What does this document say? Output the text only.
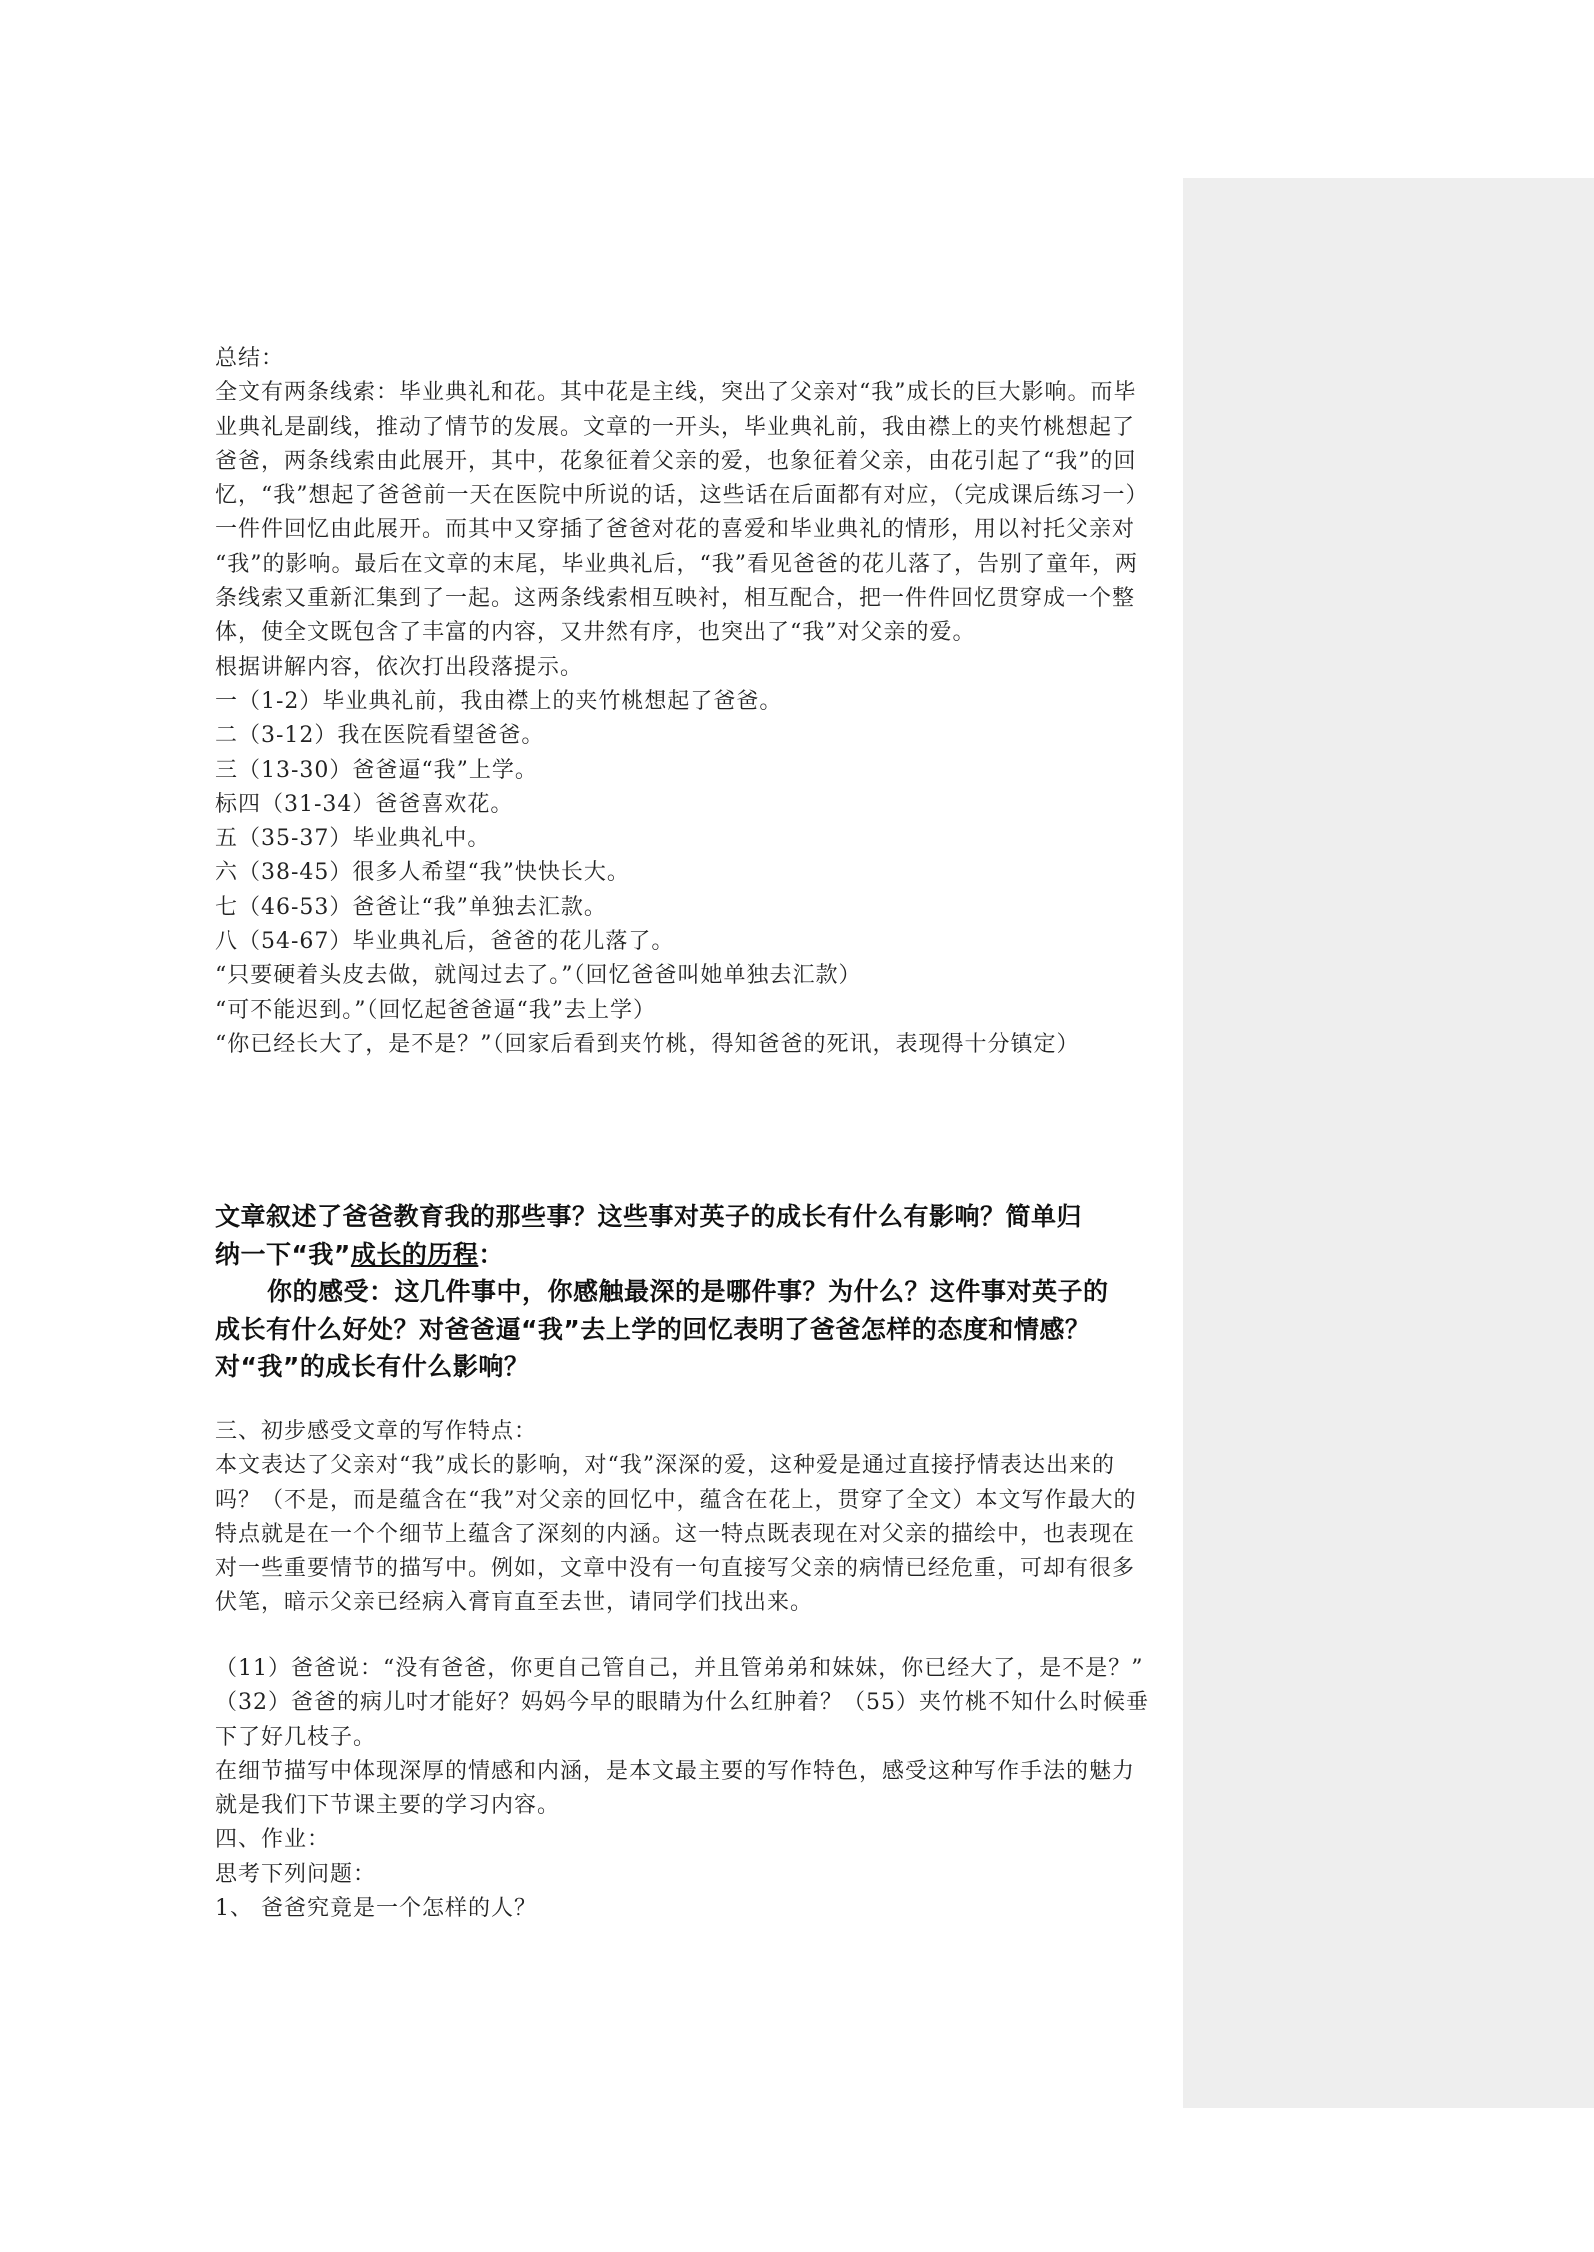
总结：

全文有两条线索：毕业典礼和花。其中花是主线，突出了父亲对“我”成长的巨大影响。而毕

业典礼是副线，推动了情节的发展。文章的一开头，毕业典礼前，我由襟上的夹竹桃想起了

爸爸，两条线索由此展开，其中，花象征着父亲的爱，也象征着父亲，由花引起了“我”的回

忆，“我”想起了爸爸前一天在医院中所说的话，这些话在后面都有对应，（完成课后练习一）

一件件回忆由此展开。而其中又穿插了爸爸对花的喜爱和毕业典礼的情形，用以衬托父亲对

“我”的影响。最后在文章的末尾，毕业典礼后，“我”看见爸爸的花儿落了，告别了童年，两

条线索又重新汇集到了一起。这两条线索相互映衬，相互配合，把一件件回忆贯穿成一个整

体，使全文既包含了丰富的内容，又井然有序，也突出了“我”对父亲的爱。

根据讲解内容，依次打出段落提示。

一（1-2）毕业典礼前，我由襟上的夹竹桃想起了爸爸。

二（3-12）我在医院看望爸爸。

三（13-30）爸爸逼“我”上学。

标四（31-34）爸爸喜欢花。

五（35-37）毕业典礼中。

六（38-45）很多人希望“我”快快长大。

七（46-53）爸爸让“我”单独去汇款。

八（54-67）毕业典礼后，爸爸的花儿落了。

“只要硬着头皮去做，就闯过去了。”（回忆爸爸叫她单独去汇款）

“可不能迟到。”（回忆起爸爸逼“我”去上学）

“你已经长大了，是不是？”（回家后看到夹竹桃，得知爸爸的死讯，表现得十分镇定）

文章叙述了爸爸教育我的那些事？这些事对英子的成长有什么有影响？简单归

纳一下“我”成长的历程：

你的感受：这几件事中，你感触最深的是哪件事？为什么？这件事对英子的

成长有什么好处？对爸爸逼“我”去上学的回忆表明了爸爸怎样的态度和情感？

对“我”的成长有什么影响？

三、初步感受文章的写作特点：

本文表达了父亲对“我”成长的影响，对“我”深深的爱，这种爱是通过直接抒情表达出来的

吗？（不是，而是蕴含在“我”对父亲的回忆中，蕴含在花上，贯穿了全文）本文写作最大的

特点就是在一个个细节上蕴含了深刻的内涵。这一特点既表现在对父亲的描绘中，也表现在

对一些重要情节的描写中。例如，文章中没有一句直接写父亲的病情已经危重，可却有很多

伏笔，暗示父亲已经病入膏肓直至去世，请同学们找出来。

（11）爸爸说：“没有爸爸，你更自己管自己，并且管弟弟和妹妹，你已经大了，是不是？”

（32）爸爸的病儿吋才能好？妈妈今早的眼睛为什么红肿着？（55）夹竹桃不知什么时候垂

下了好几枝子。

在细节描写中体现深厚的情感和内涵，是本文最主要的写作特色，感受这种写作手法的魅力

就是我们下节课主要的学习内容。

四、作业：

思考下列问题：

1、 爸爸究竟是一个怎样的人？
